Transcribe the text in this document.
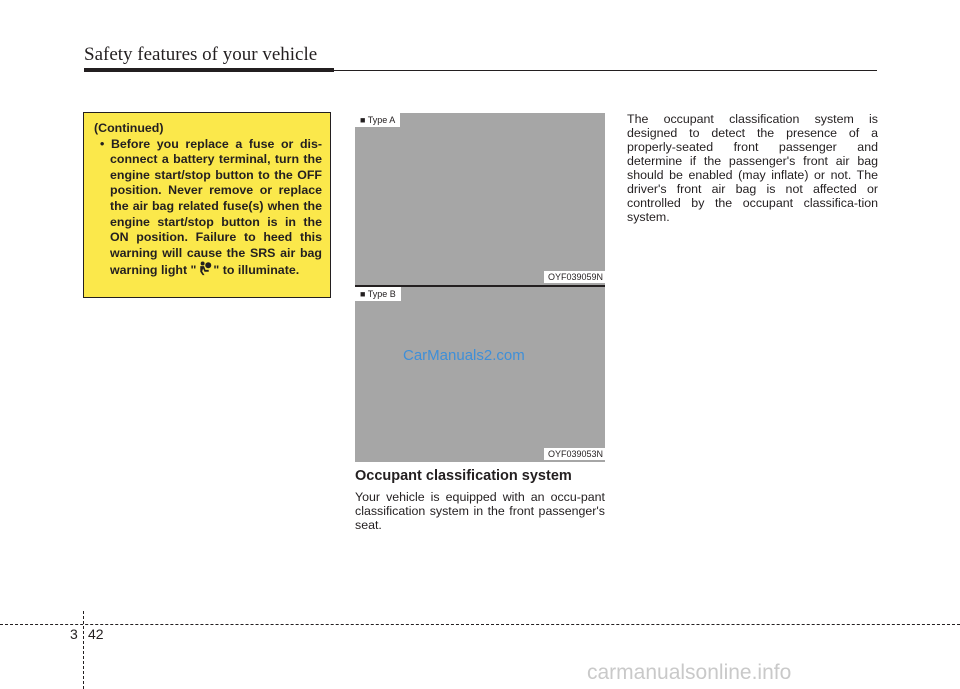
Safety features of your vehicle
(Continued)
• Before you replace a fuse or dis-connect a battery terminal, turn the engine start/stop button to the OFF position. Never remove or replace the air bag related fuse(s) when the engine start/stop button is in the ON position. Failure to heed this warning will cause the SRS air bag warning light " " to illuminate.
■ Type A
OYF039059N
■ Type B
CarManuals2.com
OYF039053N
Occupant classification system
Your vehicle is equipped with an occu-pant classification system in the front passenger's seat.
The occupant classification system is designed to detect the presence of a properly-seated front passenger and determine if the passenger's front air bag should be enabled (may inflate) or not. The driver's front air bag is not affected or controlled by the occupant classifica-tion system.
3 42
carmanualsonline.info
